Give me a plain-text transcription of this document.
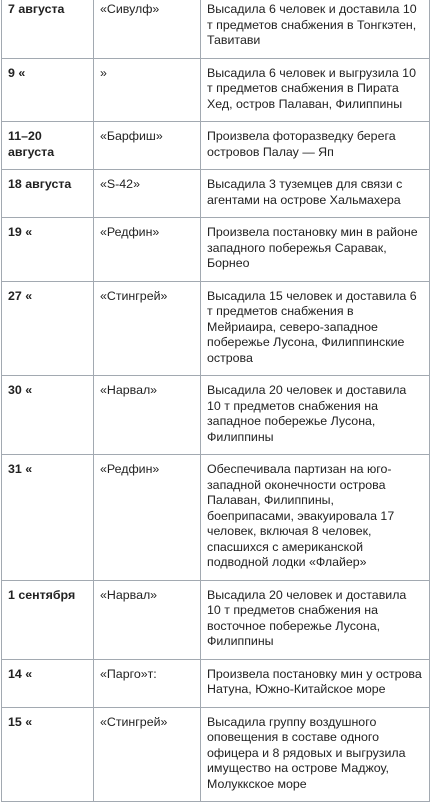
7 августа	«Сивулф»	Высадила 6 человек и доставила 10 т предметов снабжения в Тонгкэтен, Тавитави
9 «	»	Высадила 6 человек и выгрузила 10 т предметов снабжения в Пирата Хед, остров Палаван, Филиппины
11–20 августа	«Барфиш»	Произвела фоторазведку берега островов Палау — Яп
18 августа	«S-42»	Высадила 3 туземцев для связи с агентами на острове Хальмахера
19 «	«Редфин»	Произвела постановку мин в районе западного побережья Саравак, Борнео
27 «	«Стингрей»	Высадила 15 человек и доставила 6 т предметов снабжения в Мейриаира, северо-западное побережье Лусона, Филиппинские острова
30 «	«Нарвал»	Высадила 20 человек и доставила 10 т предметов снабжения на западное побережье Лусона, Филиппины
31 «	«Редфин»	Обеспечивала партизан на юго-западной оконечности острова Палаван, Филиппины, боеприпасами, эвакуировала 17 человек, включая 8 человек, спасшихся с американской подводной лодки «Флайер»
1 сентября	«Нарвал»	Высадила 20 человек и доставила 10 т предметов снабжения на восточное побережье Лусона, Филиппины
14 «	«Парго»т:	Произвела постановку мин у острова Натуна, Южно-Китайское море
15 «	«Стингрей»	Высадила группу воздушного оповещения в составе одного офицера и 8 рядовых и выгрузила имущество на острове Маджоу, Молуккское море
